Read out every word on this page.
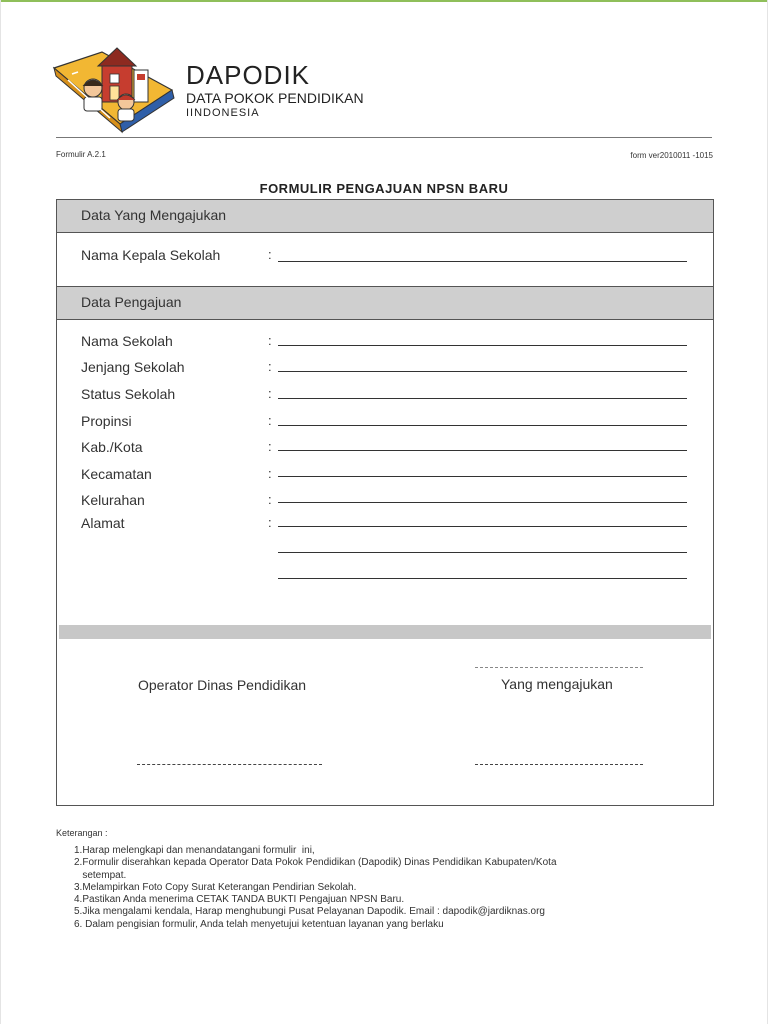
DAPODIK
DATA POKOK PENDIDIKAN
IINDONESIA
Formulir A.2.1	form ver2010011 -1015
FORMULIR PENGAJUAN NPSN BARU
Data Yang Mengajukan
Nama Kepala Sekolah	:
Data Pengajuan
Nama Sekolah	:
Jenjang Sekolah	:
Status Sekolah	:
Propinsi	:
Kab./Kota	:
Kecamatan	:
Kelurahan	:
Alamat	:
Operator Dinas Pendidikan	Yang mengajukan
Keterangan :
1.Harap melengkapi dan menandatangani formulir  ini,
2.Formulir diserahkan kepada Operator Data Pokok Pendidikan (Dapodik) Dinas Pendidikan Kabupaten/Kota
setempat.
3.Melampirkan Foto Copy Surat Keterangan Pendirian Sekolah.
4.Pastikan Anda menerima CETAK TANDA BUKTI Pengajuan NPSN Baru.
5.Jika mengalami kendala, Harap menghubungi Pusat Pelayanan Dapodik. Email : dapodik@jardiknas.org
6. Dalam pengisian formulir, Anda telah menyetujui ketentuan layanan yang berlaku
